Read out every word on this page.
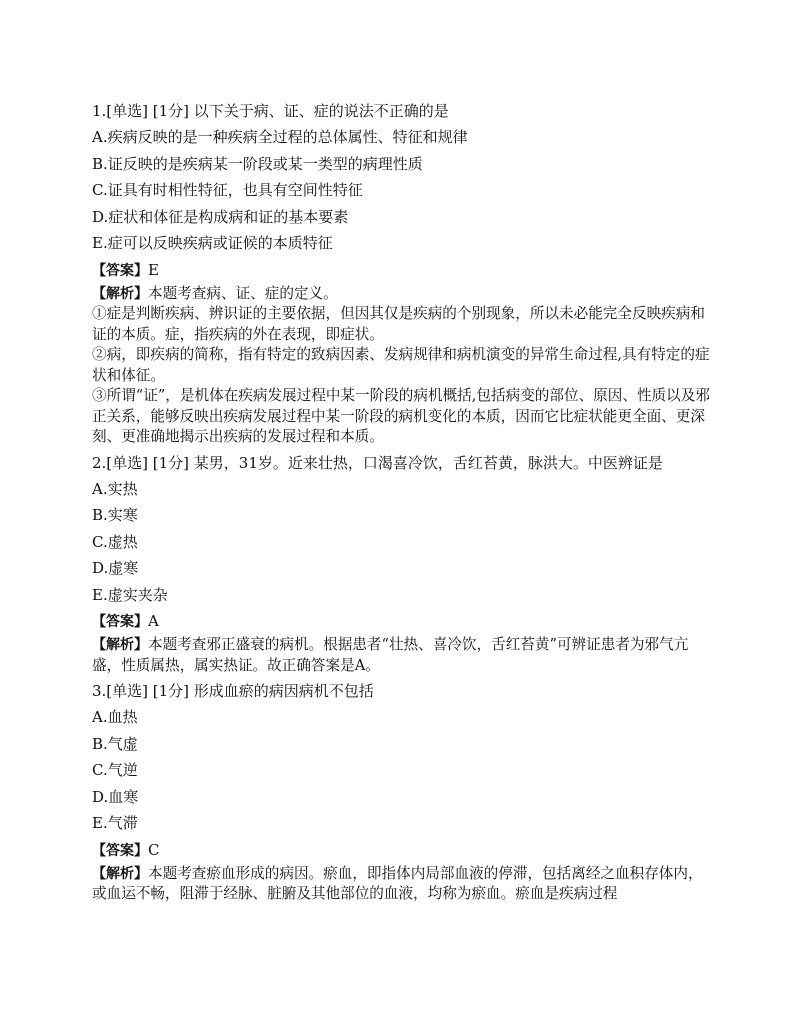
1.[单选] [1分] 以下关于病、证、症的说法不正确的是
A.疾病反映的是一种疾病全过程的总体属性、特征和规律
B.证反映的是疾病某一阶段或某一类型的病理性质
C.证具有时相性特征，也具有空间性特征
D.症状和体征是构成病和证的基本要素
E.症可以反映疾病或证候的本质特征
【答案】E

【解析】本题考查病、证、症的定义。

①症是判断疾病、辨识证的主要依据，但因其仅是疾病的个别现象，所以未必能完全反映疾病和证的本质。症，指疾病的外在表现，即症状。

②病，即疾病的简称，指有特定的致病因素、发病规律和病机演变的异常生命过程,具有特定的症状和体征。

③所谓“证”，是机体在疾病发展过程中某一阶段的病机概括,包括病变的部位、原因、性质以及邪正关系，能够反映出疾病发展过程中某一阶段的病机变化的本质，因而它比症状能更全面、更深刻、更准确地揭示出疾病的发展过程和本质。

2.[单选] [1分] 某男，31岁。近来壮热，口渴喜冷饮，舌红苔黄，脉洪大。中医辨证是
A.实热
B.实寒
C.虚热
D.虚寒
E.虚实夹杂
【答案】A

【解析】本题考查邪正盛衰的病机。根据患者“壮热、喜冷饮，舌红苔黄”可辨证患者为邪气亢盛，性质属热，属实热证。故正确答案是A。

3.[单选] [1分] 形成血瘀的病因病机不包括
A.血热
B.气虚
C.气逆
D.血寒
E.气滞
【答案】C

【解析】本题考查瘀血形成的病因。瘀血，即指体内局部血液的停滞，包括离经之血积存体内，或血运不畅，阻滞于经脉、脏腑及其他部位的血液，均称为瘀血。瘀血是疾病过程
